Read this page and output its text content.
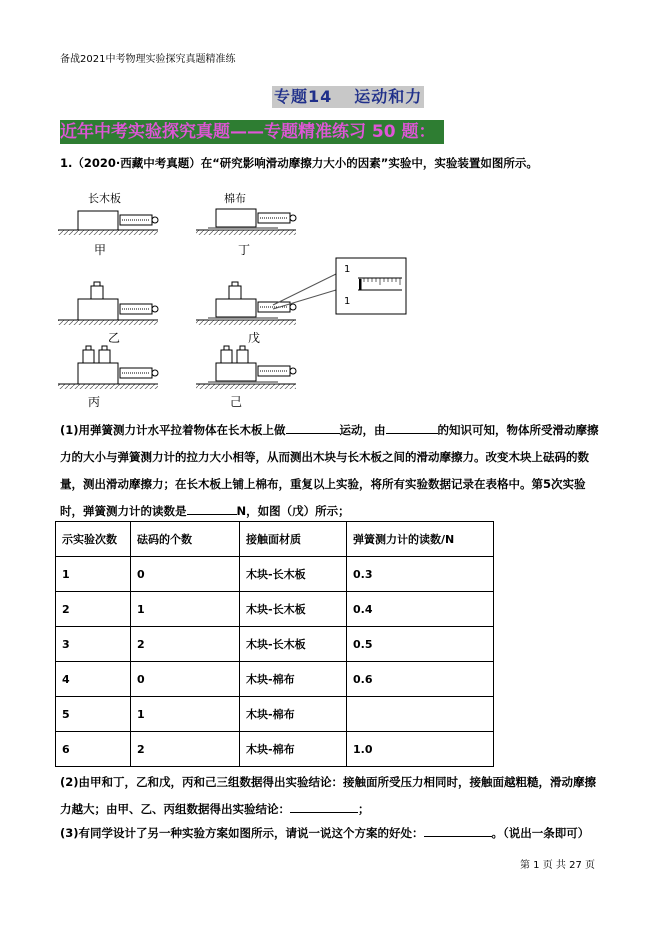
备战2021中考物理实验探究真题精准练
专题14 运动和力
近年中考实验探究真题——专题精准练习 50 题：
1.（2020·西藏中考真题）在“研究影响滑动摩擦力大小的因素”实验中，实验装置如图所示。
长木板
甲
棉布
丁
乙	戊
1
1
丙	己
(1)用弹簧测力计水平拉着物体在长木板上做	运动，由	的知识可知，物体所受滑动摩擦
力的大小与弹簧测力计的拉力大小相等，从而测出木块与长木板之间的滑动摩擦力。改变木块上砝码的数
量，测出滑动摩擦力；在长木板上铺上棉布，重复以上实验，将所有实验数据记录在表格中。第5次实验
时，弹簧测力计的读数是	N，如图（戊）所示；
示实验次数	砝码的个数	接触面材质	弹簧测力计的读数/N
1	0	木块-长木板	0.3
2	1	木块-长木板	0.4
3	2	木块-长木板	0.5
4	0	木块-棉布	0.6
5	1	木块-棉布	
6	2	木块-棉布	1.0
(2)由甲和丁，乙和戊，丙和己三组数据得出实验结论：接触面所受压力相同时，接触面越粗糙，滑动摩擦
力越大；由甲、乙、丙组数据得出实验结论：	；
(3)有同学设计了另一种实验方案如图所示，请说一说这个方案的好处：	。（说出一条即可）
第 1 页 共 27 页
